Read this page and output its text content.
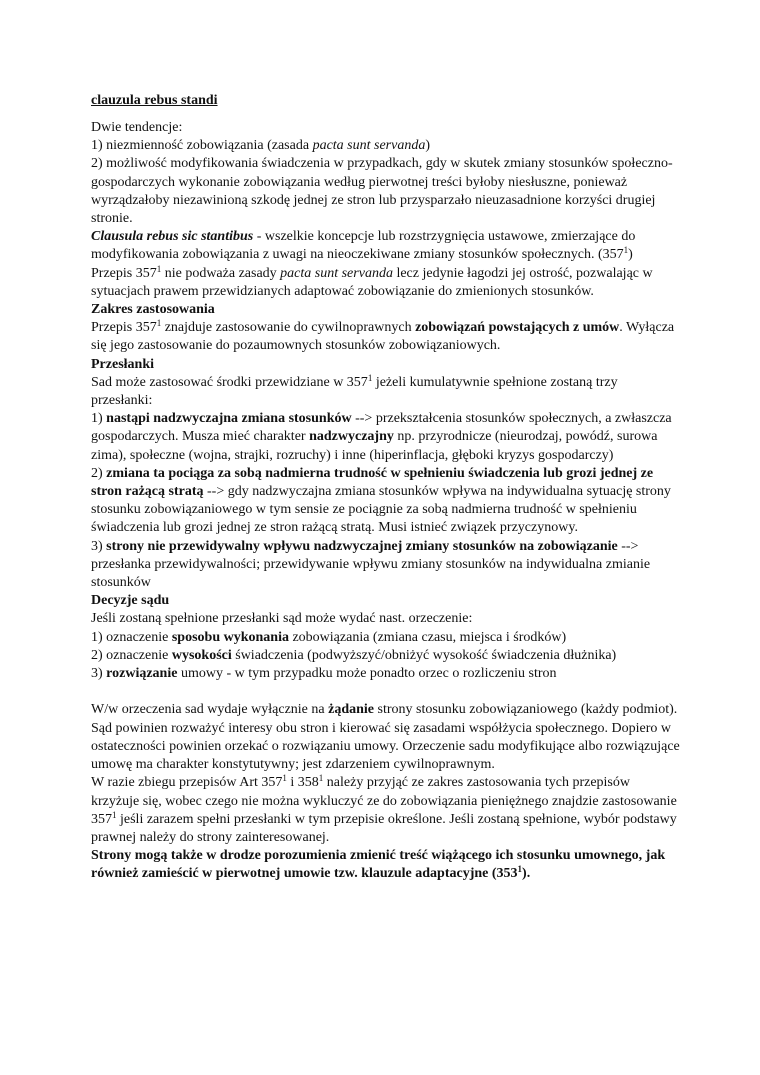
clauzula rebus standi

Dwie tendencje:

1) niezmienność zobowiązania (zasada pacta sunt servanda)

2) możliwość modyfikowania świadczenia w przypadkach, gdy w skutek zmiany stosunków społeczno- gospodarczych wykonanie zobowiązania według pierwotnej treści byłoby niesłuszne, ponieważ wyrządzałoby niezawinioną szkodę jednej ze stron lub przysparzało nieuzasadnione korzyści drugiej stronie.

Clausula rebus sic stantibus - wszelkie koncepcje lub rozstrzygnięcia ustawowe, zmierzające do modyfikowania zobowiązania z uwagi na nieoczekiwane zmiany stosunków społecznych. $(357^1)$

Przepis $357^1$ nie podważa zasady pacta sunt servanda lecz jedynie łagodzi jej ostrość, pozwalając w sytuacjach prawem przewidzianych adaptować zobowiązanie do zmienionych stosunków.

Zakres zastosowania

Przepis $357^1$ znajduje zastosowanie do cywilnoprawnych zobowiązań powstających z umów. Wyłącza się jego zastosowanie do pozaumownych stosunków zobowiązaniowych.

Przesłanki

Sad może zastosować środki przewidziane w $357^1$ jeżeli kumulatywnie spełnione zostaną trzy przesłanki:

1) nastąpi nadzwyczajna zmiana stosunków --> przekształcenia stosunków społecznych, a zwłaszcza gospodarczych. Musza mieć charakter nadzwyczajny np. przyrodnicze (nieurodzaj, powódź, surowa zima), społeczne (wojna, strajki, rozruchy) i inne (hiperinflacja, głęboki kryzys gospodarczy)

2) zmiana ta pociąga za sobą nadmierna trudność w spełnieniu świadczenia lub grozi jednej ze stron rażącą stratą --> gdy nadzwyczajna zmiana stosunków wpływa na indywidualna sytuację strony stosunku zobowiązaniowego w tym sensie ze pociągnie za sobą nadmierna trudność w spełnieniu świadczenia lub grozi jednej ze stron rażącą stratą. Musi istnieć związek przyczynowy.

3) strony nie przewidywalny wpływu nadzwyczajnej zmiany stosunków na zobowiązanie --> przesłanka przewidywalności; przewidywanie wpływu zmiany stosunków na indywidualna zmianie stosunków

Decyzje sądu

Jeśli zostaną spełnione przesłanki sąd może wydać nast. orzeczenie:

1) oznaczenie sposobu wykonania zobowiązania (zmiana czasu, miejsca i środków)

2) oznaczenie wysokości świadczenia (podwyższyć/obniżyć wysokość świadczenia dłużnika)

3) rozwiązanie umowy - w tym przypadku może ponadto orzec o rozliczeniu stron

W/w orzeczenia sad wydaje wyłącznie na żądanie strony stosunku zobowiązaniowego (każdy podmiot). Sąd powinien rozważyć interesy obu stron i kierować się zasadami współżycia społecznego. Dopiero w ostateczności powinien orzekać o rozwiązaniu umowy. Orzeczenie sadu modyfikujące albo rozwiązujące umowę ma charakter konstytutywny; jest zdarzeniem cywilnoprawnym.

W razie zbiegu przepisów Art $357^1$ i $358^1$ należy przyjąć ze zakres zastosowania tych przepisów krzyżuje się, wobec czego nie można wykluczyć ze do zobowiązania pieniężnego znajdzie zastosowanie $357^1$ jeśli zarazem spełni przesłanki w tym przepisie określone. Jeśli zostaną spełnione, wybór podstawy prawnej należy do strony zainteresowanej.

Strony mogą także w drodze porozumienia zmienić treść wiążącego ich stosunku umownego, jak również zamieścić w pierwotnej umowie tzw. klauzule adaptacyjne $(353^1)$.
